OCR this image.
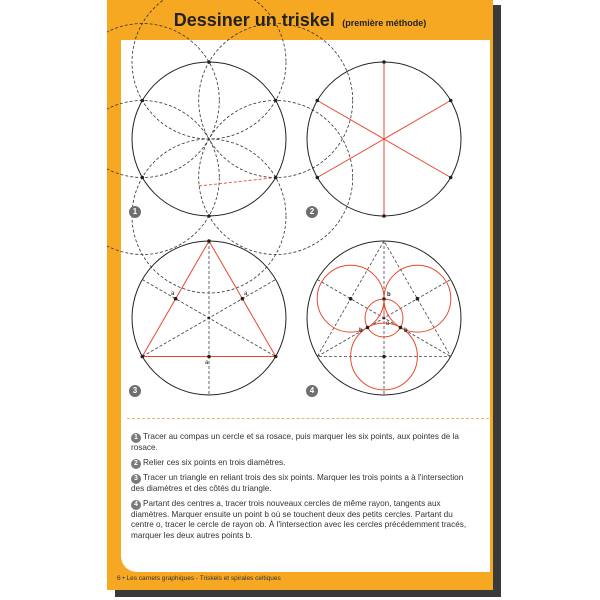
Dessiner un triskel (première méthode)
a	a
a
o
b
b	b
1	2
3	4

1 Tracer au compas un cercle et sa rosace, puis marquer les six points, aux pointes de la rosace.

2 Relier ces six points en trois diamètres.

3 Tracer un triangle en reliant trois des six points. Marquer les trois points a à l'intersection des diamètres et des côtés du triangle.

4 Partant des centres a, tracer trois nouveaux cercles de même rayon, tangents aux diamètres. Marquer ensuite un point b où se touchent deux des petits cercles. Partant du centre o, tracer le cercle de rayon ob. À l'intersection avec les cercles précédemment tracés, marquer les deux autres points b.

6 • Les carnets graphiques - Triskels et spirales celtiques
